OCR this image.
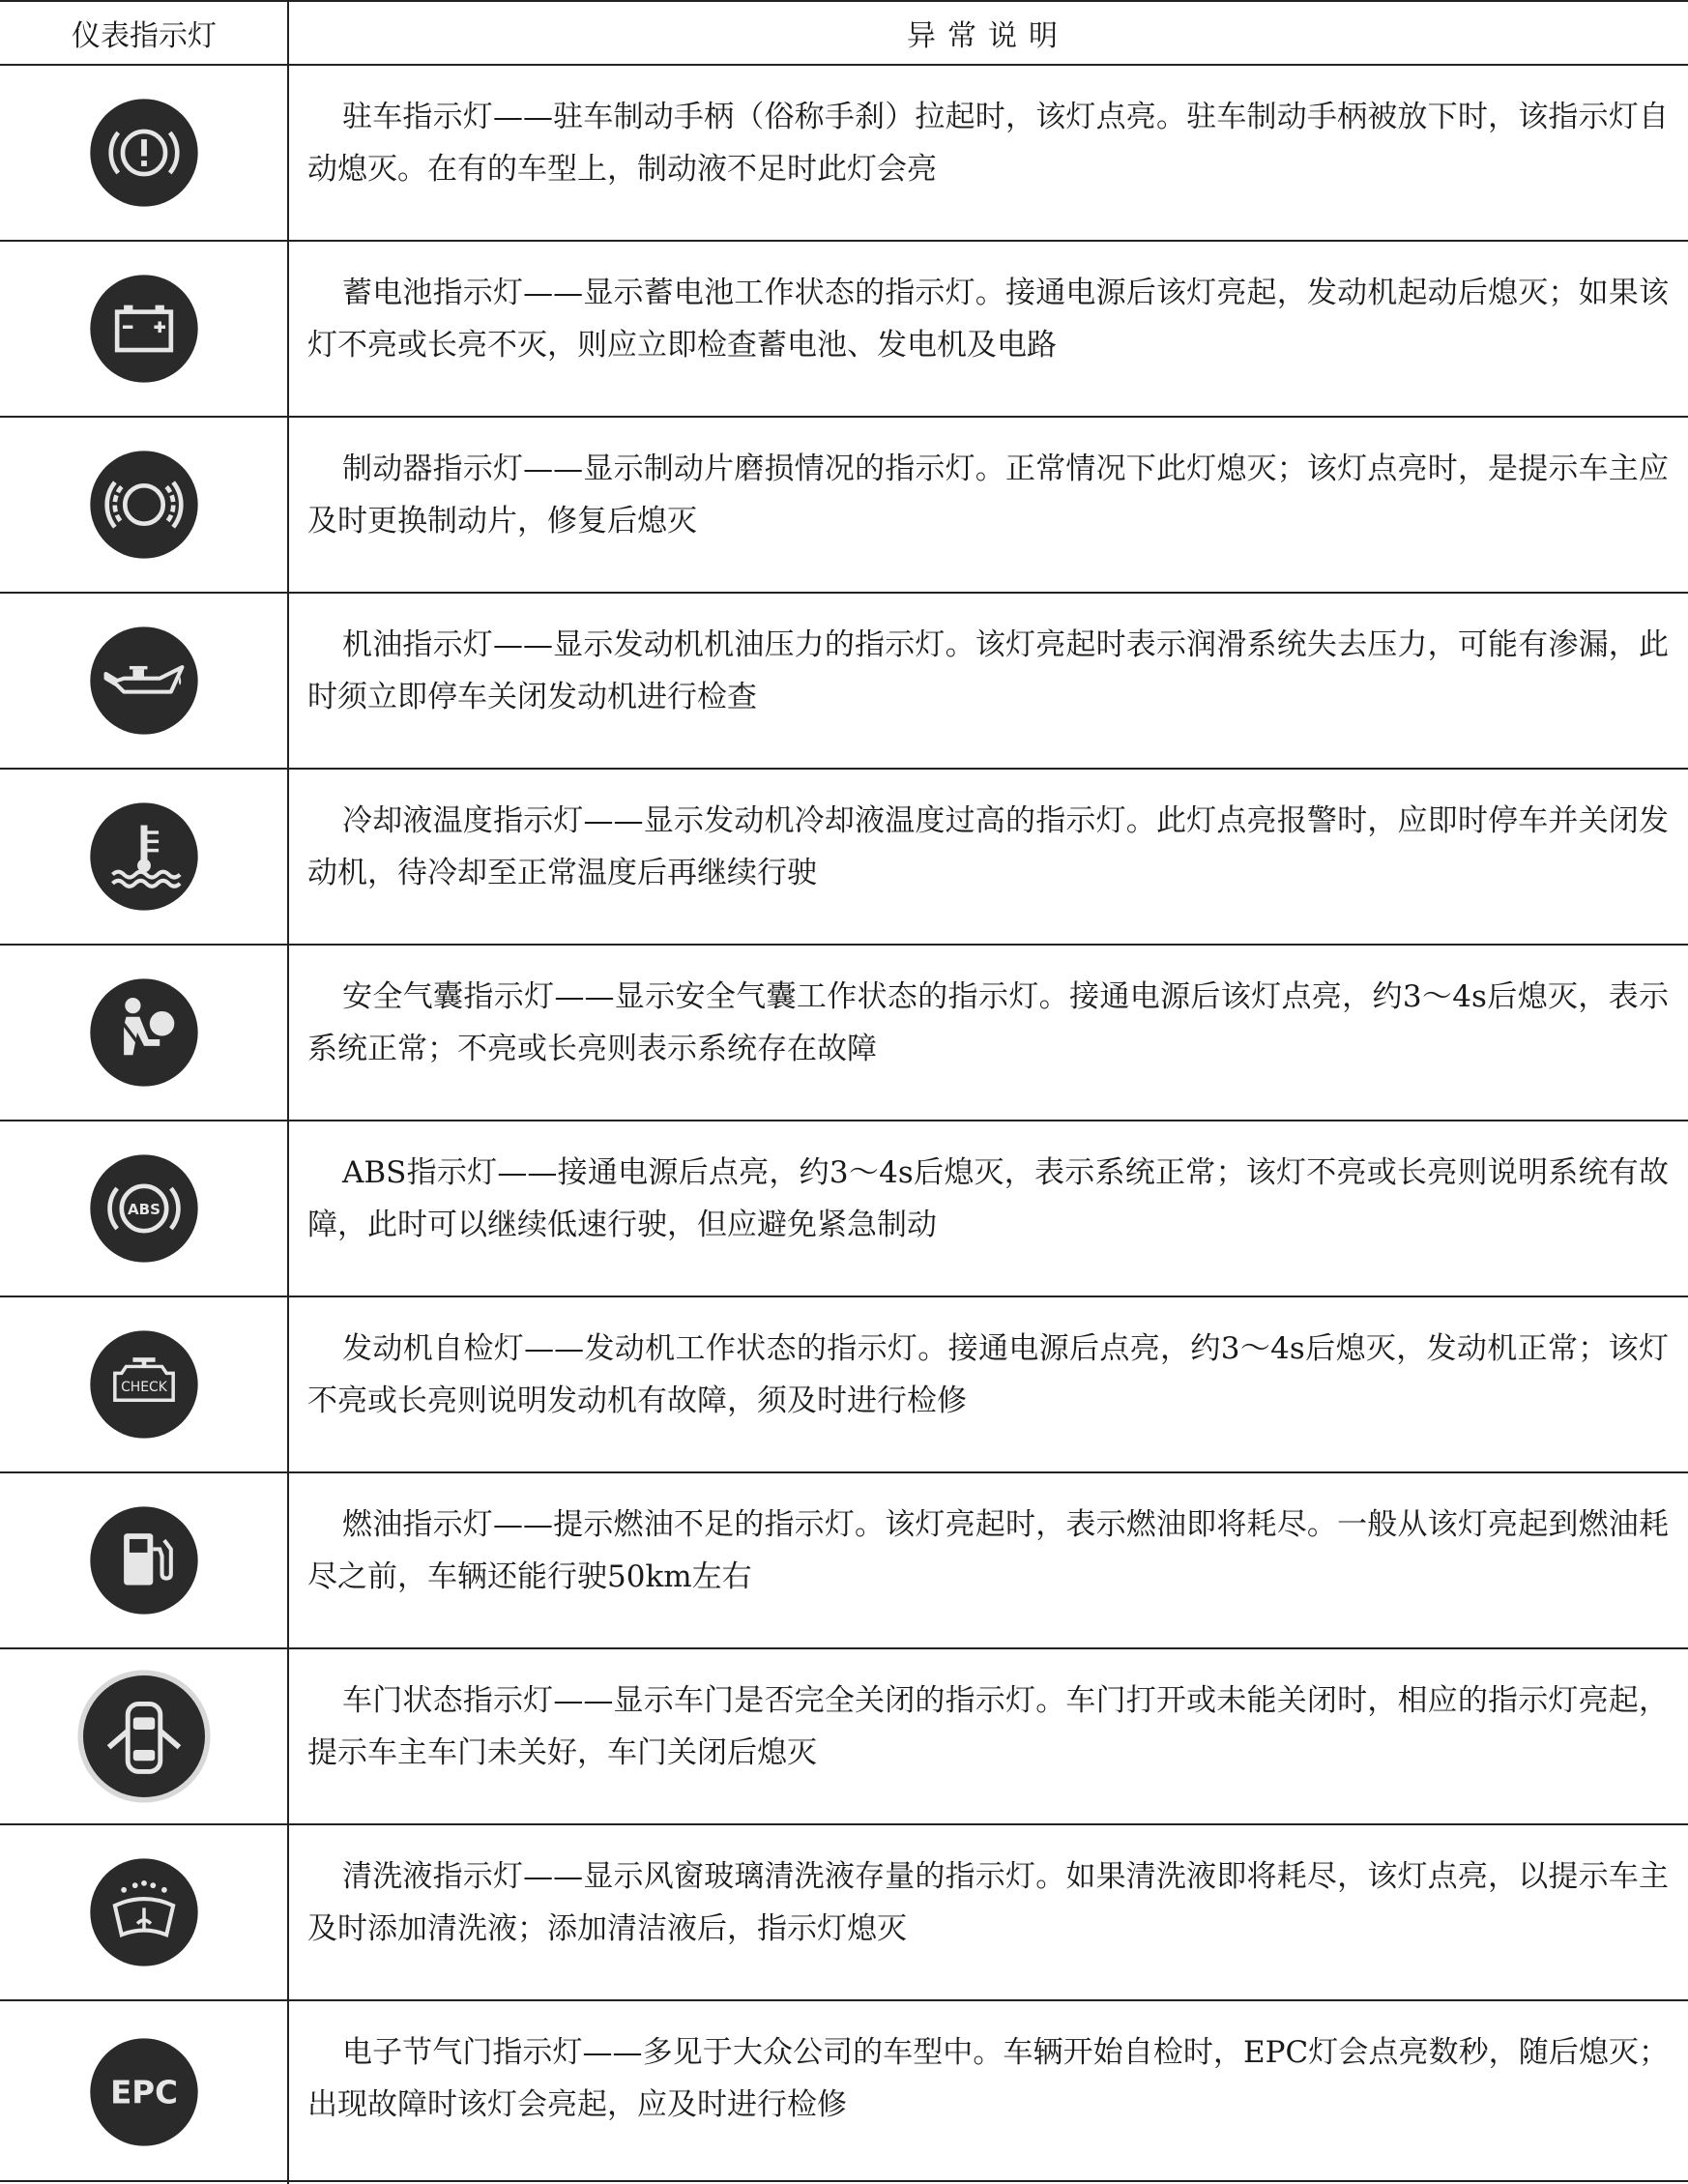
仪表指示灯	异常说明
驻车指示灯——驻车制动手柄（俗称手刹）拉起时，该灯点亮。驻车制动手柄被放下时，该指示灯自动熄灭。在有的车型上，制动液不足时此灯会亮
蓄电池指示灯——显示蓄电池工作状态的指示灯。接通电源后该灯亮起，发动机起动后熄灭；如果该灯不亮或长亮不灭，则应立即检查蓄电池、发电机及电路
制动器指示灯——显示制动片磨损情况的指示灯。正常情况下此灯熄灭；该灯点亮时，是提示车主应及时更换制动片，修复后熄灭
机油指示灯——显示发动机机油压力的指示灯。该灯亮起时表示润滑系统失去压力，可能有渗漏，此时须立即停车关闭发动机进行检查
冷却液温度指示灯——显示发动机冷却液温度过高的指示灯。此灯点亮报警时，应即时停车并关闭发动机，待冷却至正常温度后再继续行驶
安全气囊指示灯——显示安全气囊工作状态的指示灯。接通电源后该灯点亮，约3～4s后熄灭，表示系统正常；不亮或长亮则表示系统存在故障
ABS
ABS指示灯——接通电源后点亮，约3～4s后熄灭，表示系统正常；该灯不亮或长亮则说明系统有故障，此时可以继续低速行驶，但应避免紧急制动
CHECK
发动机自检灯——发动机工作状态的指示灯。接通电源后点亮，约3～4s后熄灭，发动机正常；该灯不亮或长亮则说明发动机有故障，须及时进行检修
燃油指示灯——提示燃油不足的指示灯。该灯亮起时，表示燃油即将耗尽。一般从该灯亮起到燃油耗尽之前，车辆还能行驶50km左右
车门状态指示灯——显示车门是否完全关闭的指示灯。车门打开或未能关闭时，相应的指示灯亮起，提示车主车门未关好，车门关闭后熄灭
清洗液指示灯——显示风窗玻璃清洗液存量的指示灯。如果清洗液即将耗尽，该灯点亮，以提示车主及时添加清洗液；添加清洁液后，指示灯熄灭
EPC
电子节气门指示灯——多见于大众公司的车型中。车辆开始自检时，EPC灯会点亮数秒，随后熄灭；出现故障时该灯会亮起，应及时进行检修
